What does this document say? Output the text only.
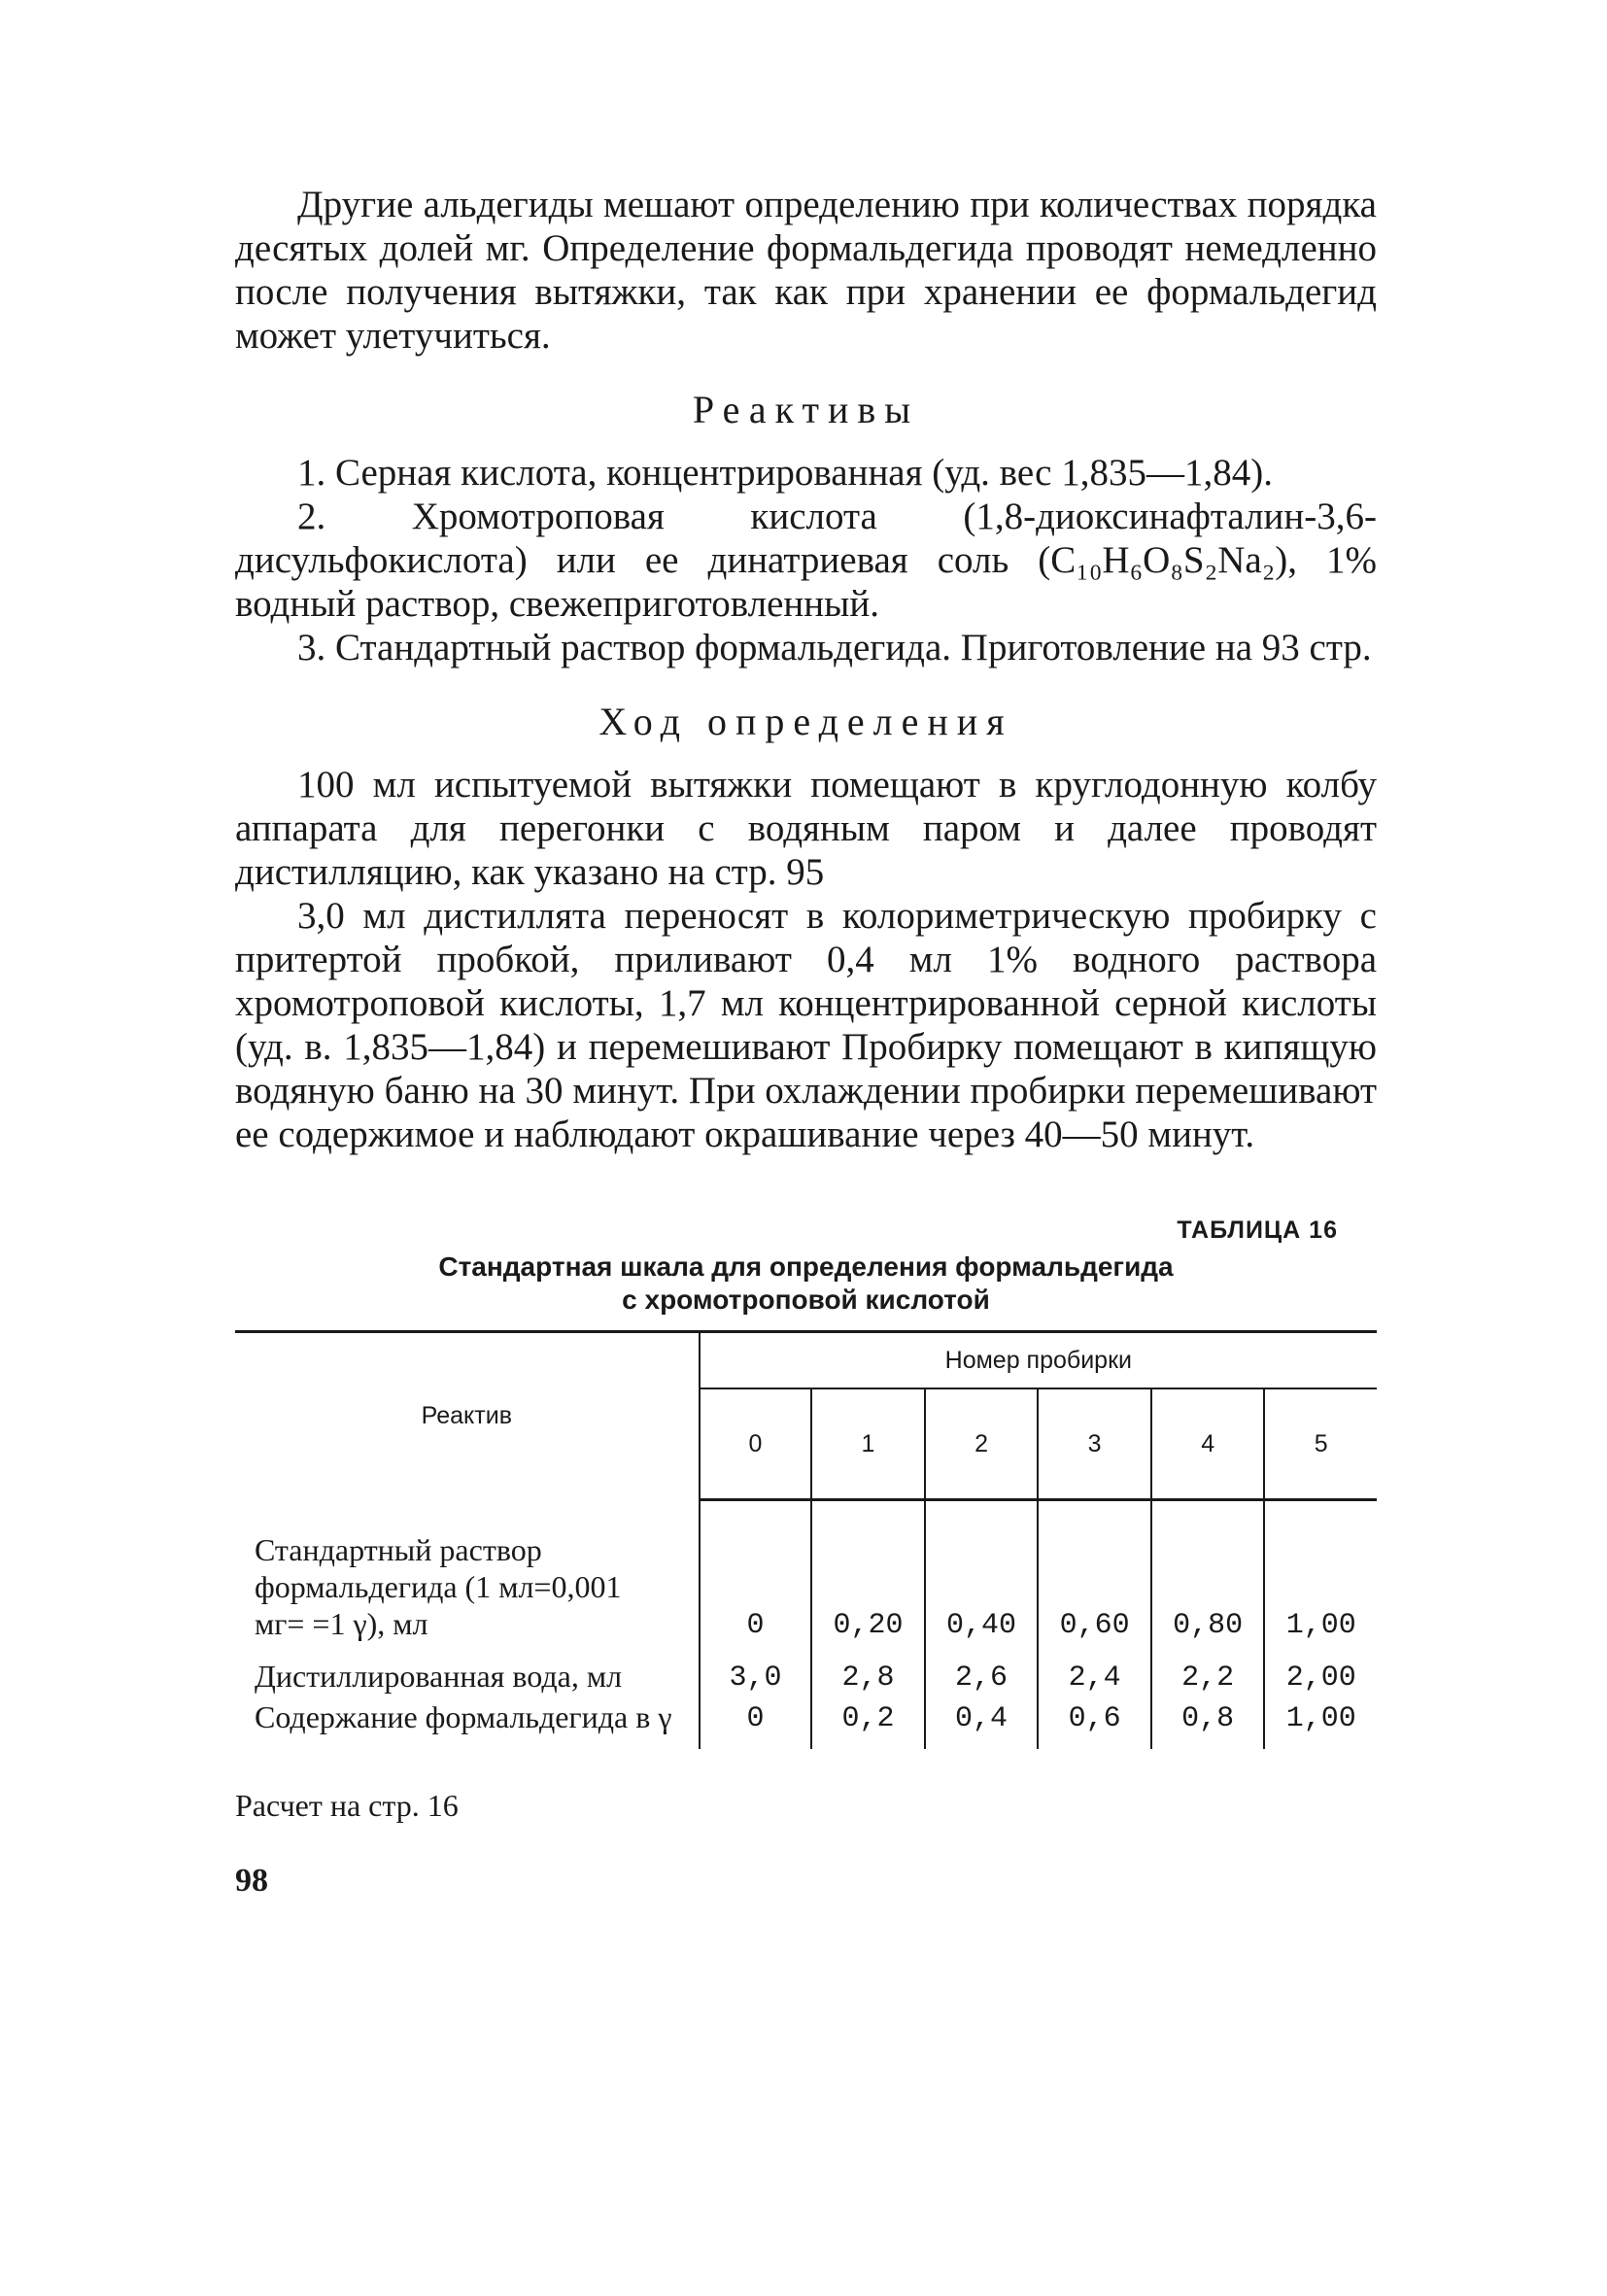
Другие альдегиды мешают определению при количествах порядка десятых долей мг. Определение формальдегида проводят немедленно после получения вытяжки, так как при хранении ее формальдегид может улетучиться.

Реактивы

1. Серная кислота, концентрированная (уд. вес 1,835—1,84).

2. Хромотроповая кислота (1,8-диоксинафталин-3,6-дисульфокислота) или ее динатриевая соль (C₁₀H₆O₈S₂Na₂), 1% водный раствор, свежеприготовленный.

3. Стандартный раствор формальдегида. Приготовление на 93 стр.

Ход определения

100 мл испытуемой вытяжки помещают в круглодонную колбу аппарата для перегонки с водяным паром и далее проводят дистилляцию, как указано на стр. 95

3,0 мл дистиллята переносят в колориметрическую пробирку с притертой пробкой, приливают 0,4 мл 1% водного раствора хромотроповой кислоты, 1,7 мл концентрированной серной кислоты (уд. в. 1,835—1,84) и перемешивают Пробирку помещают в кипящую водяную баню на 30 минут. При охлаждении пробирки перемешивают ее содержимое и наблюдают окрашивание через 40—50 минут.

ТАБЛИЦА 16
Стандартная шкала для определения формальдегида
с хромотроповой кислотой
Реактив	Номер пробирки					
	0	1	2	3	4	5
Стандартный раствор формальдегида (1 мл=0,001 мг= =1 γ), мл	0	0,20	0,40	0,60	0,80	1,00
Дистиллированная вода, мл	3,0	2,8	2,6	2,4	2,2	2,00
Содержание формальдегида в γ	0	0,2	0,4	0,6	0,8	1,00
Расчет на стр. 16
98
